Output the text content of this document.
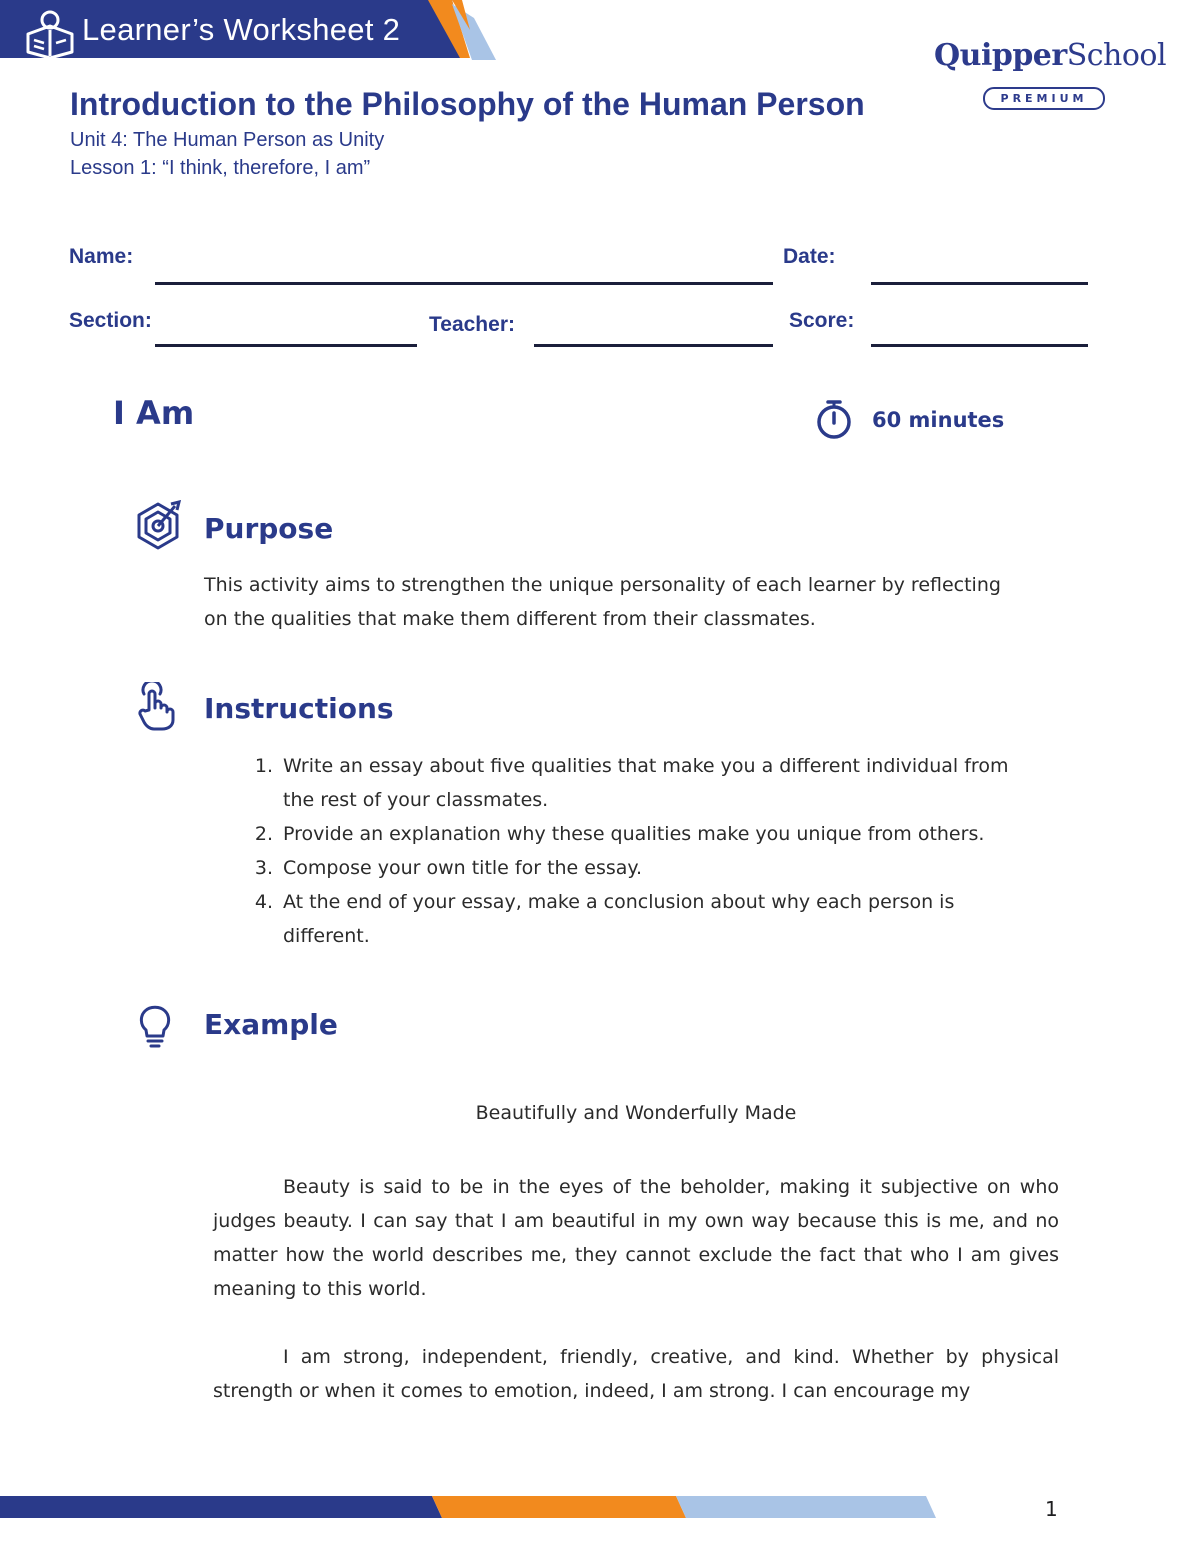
Learner’s Worksheet 2
QuipperSchool
PREMIUM
Introduction to the Philosophy of the Human Person
Unit 4: The Human Person as Unity
Lesson 1: “I think, therefore, I am”
Name:	Date:
Section:	Teacher:	Score:
I Am	60 minutes
Purpose
This activity aims to strengthen the unique personality of each learner by reflecting
on the qualities that make them different from their classmates.
Instructions
1. Write an essay about five qualities that make you a different individual from
the rest of your classmates.
2. Provide an explanation why these qualities make you unique from others.
3. Compose your own title for the essay.
4. At the end of your essay, make a conclusion about why each person is
different.
Example
Beautifully and Wonderfully Made

Beauty is said to be in the eyes of the beholder, making it subjective on who judges beauty. I can say that I am beautiful in my own way because this is me, and no matter how the world describes me, they cannot exclude the fact that who I am gives meaning to this world.

I am strong, independent, friendly, creative, and kind. Whether by physical strength or when it comes to emotion, indeed, I am strong. I can encourage my

1
